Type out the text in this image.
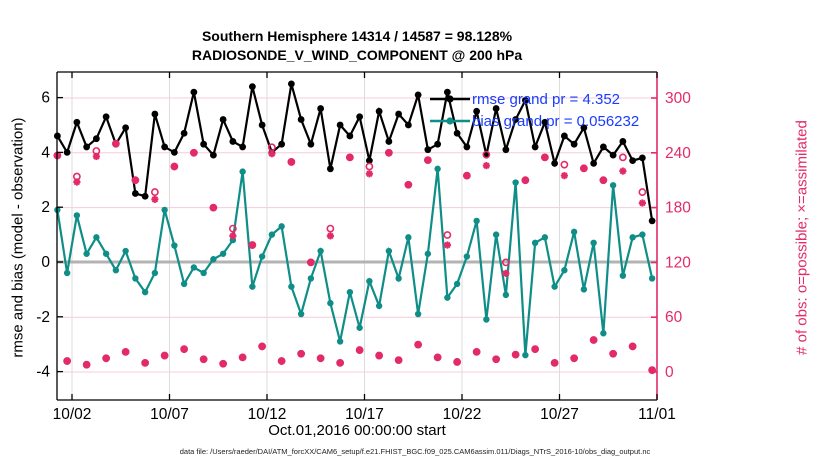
-4
-2
0
2
4
6
0
60
120
180
240
300
10/02	10/07	10/12	10/17	10/22	10/27	11/01
Southern Hemisphere 14314 / 14587 = 98.128%
RADIOSONDE_V_WIND_COMPONENT @ 200 hPa
rmse and bias (model - observation)	# of obs: o=possible; ×=assimilated
Oct.01,2016 00:00:00 start
data file: /Users/raeder/DAI/ATM_forcXX/CAM6_setup/f.e21.FHIST_BGC.f09_025.CAM6assim.011/Diags_NTrS_2016-10/obs_diag_output.nc
rmse grand pr = 4.352
bias grand pr = 0.056232
